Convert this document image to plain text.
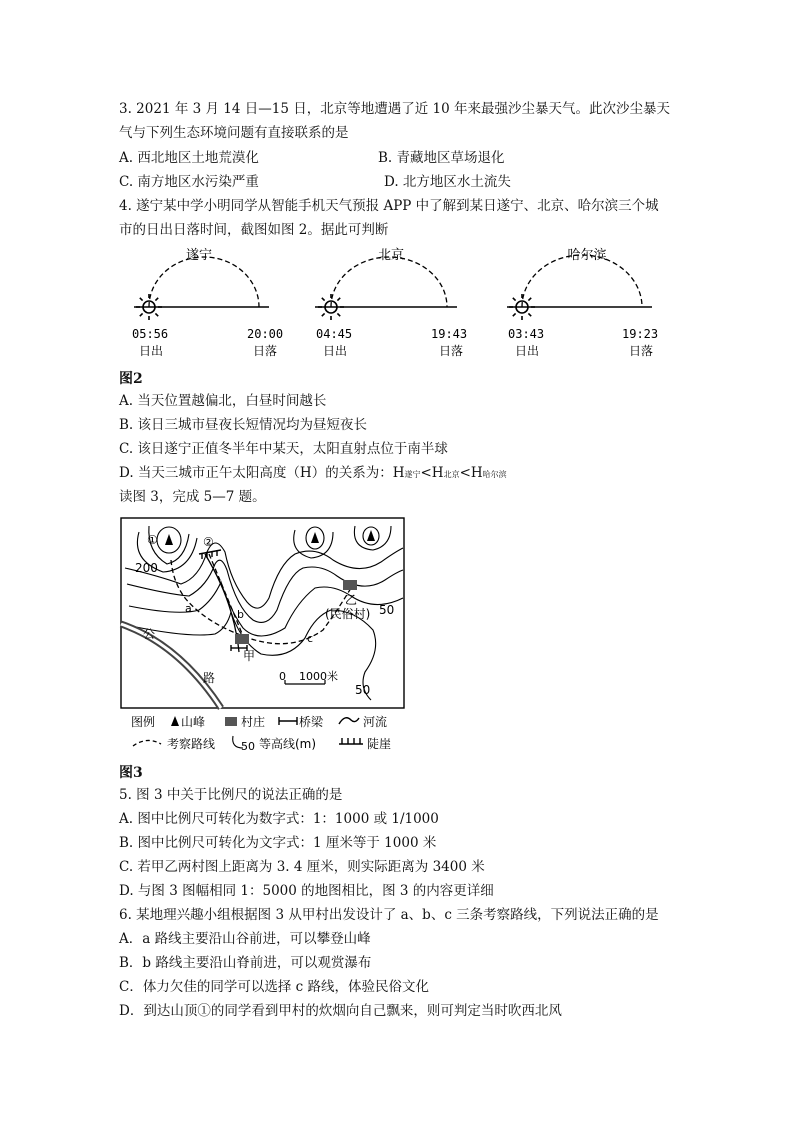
3. 2021 年 3 月 14 日—15 日，北京等地遭遇了近 10 年来最强沙尘暴天气。此次沙尘暴天
气与下列生态环境问题有直接联系的是
A. 西北地区土地荒漠化	B. 青藏地区草场退化
C. 南方地区水污染严重	D. 北方地区水土流失
4. 遂宁某中学小明同学从智能手机天气预报 APP 中了解到某日遂宁、北京、哈尔滨三个城
市的日出日落时间，截图如图 2。据此可判断
遂宁
05:56	20:00
日出	日落
北京
04:45	19:43
日出	日落
哈尔滨
03:43	19:23
日出	日落
图2
A. 当天位置越偏北，白昼时间越长
B. 该日三城市昼夜长短情况均为昼短夜长
C. 该日遂宁正值冬半年中某天，太阳直射点位于南半球
D. 当天三城市正午太阳高度（H）的关系为：H遂宁<H北京<H哈尔滨
读图 3，完成 5—7 题。
①	②
200
50
50
a	b
c
甲
乙
(民俗村)
公
路	0 1000米
图例 山峰	村庄	桥梁	河流
考察路线 50 等高线(m)	陡崖
图3
5. 图 3 中关于比例尺的说法正确的是
A. 图中比例尺可转化为数字式：1：1000 或 1/1000
B. 图中比例尺可转化为文字式：1 厘米等于 1000 米
C. 若甲乙两村图上距离为 3. 4 厘米，则实际距离为 3400 米
D. 与图 3 图幅相同 1：5000 的地图相比，图 3 的内容更详细
6. 某地理兴趣小组根据图 3 从甲村出发设计了 a、b、c 三条考察路线，下列说法正确的是
A．a 路线主要沿山谷前进，可以攀登山峰
B．b 路线主要沿山脊前进，可以观赏瀑布
C．体力欠佳的同学可以选择 c 路线，体验民俗文化
D．到达山顶①的同学看到甲村的炊烟向自己飘来，则可判定当时吹西北风
